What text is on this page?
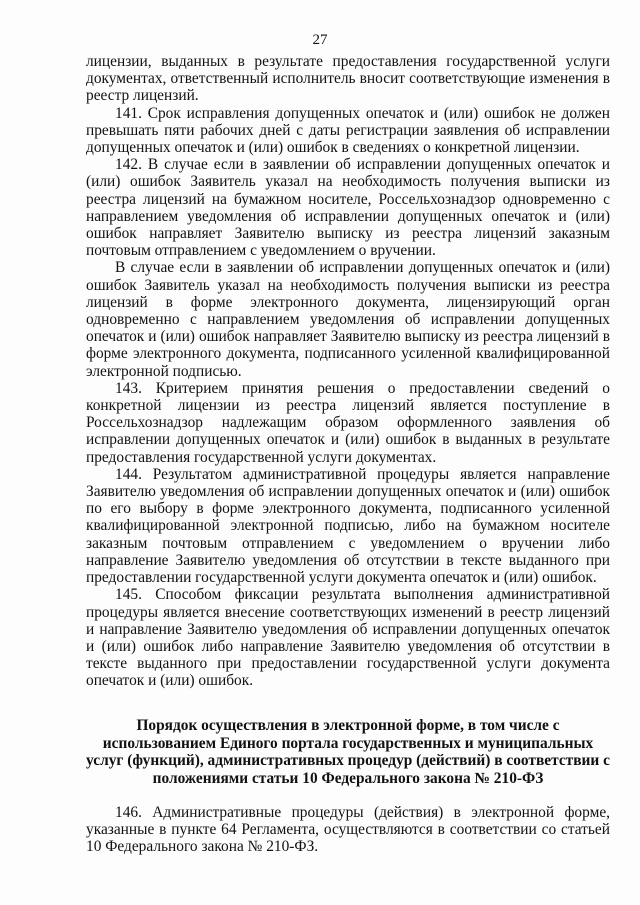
27

лицензии, выданных в результате предоставления государственной услуги документах, ответственный исполнитель вносит соответствующие изменения в реестр лицензий.

141. Срок исправления допущенных опечаток и (или) ошибок не должен превышать пяти рабочих дней с даты регистрации заявления об исправлении допущенных опечаток и (или) ошибок в сведениях о конкретной лицензии.

142. В случае если в заявлении об исправлении допущенных опечаток и (или) ошибок Заявитель указал на необходимость получения выписки из реестра лицензий на бумажном носителе, Россельхознадзор одновременно с направлением уведомления об исправлении допущенных опечаток и (или) ошибок направляет Заявителю выписку из реестра лицензий заказным почтовым отправлением с уведомлением о вручении.

В случае если в заявлении об исправлении допущенных опечаток и (или) ошибок Заявитель указал на необходимость получения выписки из реестра лицензий в форме электронного документа, лицензирующий орган одновременно с направлением уведомления об исправлении допущенных опечаток и (или) ошибок направляет Заявителю выписку из реестра лицензий в форме электронного документа, подписанного усиленной квалифицированной электронной подписью.

143. Критерием принятия решения о предоставлении сведений о конкретной лицензии из реестра лицензий является поступление в Россельхознадзор надлежащим образом оформленного заявления об исправлении допущенных опечаток и (или) ошибок в выданных в результате предоставления государственной услуги документах.

144. Результатом административной процедуры является направление Заявителю уведомления об исправлении допущенных опечаток и (или) ошибок по его выбору в форме электронного документа, подписанного усиленной квалифицированной электронной подписью, либо на бумажном носителе заказным почтовым отправлением с уведомлением о вручении либо направление Заявителю уведомления об отсутствии в тексте выданного при предоставлении государственной услуги документа опечаток и (или) ошибок.

145. Способом фиксации результата выполнения административной процедуры является внесение соответствующих изменений в реестр лицензий и направление Заявителю уведомления об исправлении допущенных опечаток и (или) ошибок либо направление Заявителю уведомления об отсутствии в тексте выданного при предоставлении государственной услуги документа опечаток и (или) ошибок.

Порядок осуществления в электронной форме, в том числе с использованием Единого портала государственных и муниципальных услуг (функций), административных процедур (действий) в соответствии с положениями статьи 10 Федерального закона № 210-ФЗ

146. Административные процедуры (действия) в электронной форме, указанные в пункте 64 Регламента, осуществляются в соответствии со статьей 10 Федерального закона № 210-ФЗ.
